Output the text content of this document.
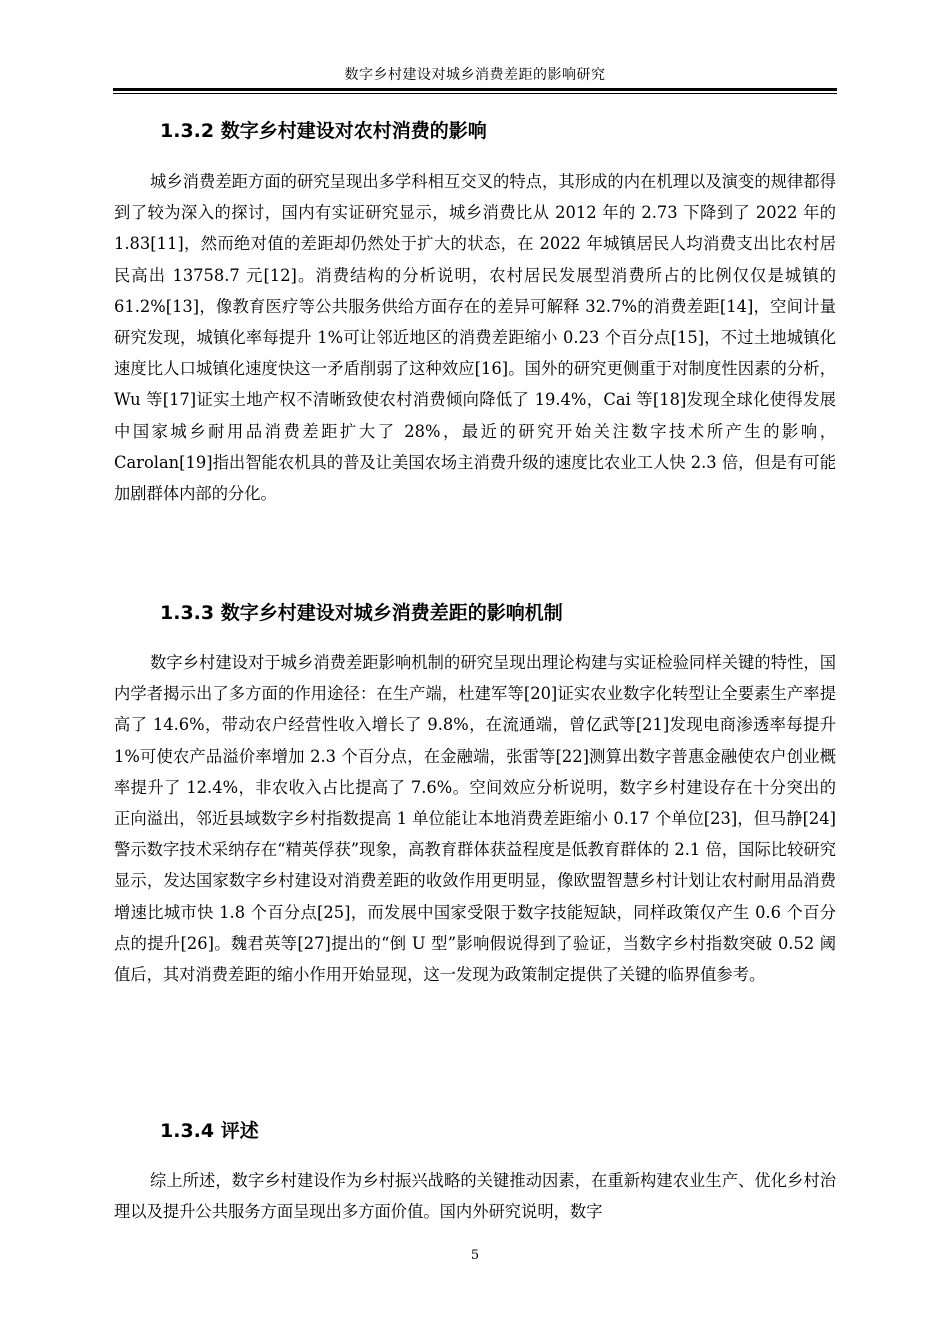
数字乡村建设对城乡消费差距的影响研究
1.3.2 数字乡村建设对农村消费的影响

城乡消费差距方面的研究呈现出多学科相互交叉的特点，其形成的内在机理以及演变的规律都得到了较为深入的探讨，国内有实证研究显示，城乡消费比从 2012 年的 2.73 下降到了 2022 年的 1.83[11]，然而绝对值的差距却仍然处于扩大的状态，在 2022 年城镇居民人均消费支出比农村居民高出 13758.7 元[12]。消费结构的分析说明，农村居民发展型消费所占的比例仅仅是城镇的 61.2%[13]，像教育医疗等公共服务供给方面存在的差异可解释 32.7%的消费差距[14]，空间计量研究发现，城镇化率每提升 1%可让邻近地区的消费差距缩小 0.23 个百分点[15]，不过土地城镇化速度比人口城镇化速度快这一矛盾削弱了这种效应[16]。国外的研究更侧重于对制度性因素的分析，Wu 等[17]证实土地产权不清晰致使农村消费倾向降低了 19.4%，Cai 等[18]发现全球化使得发展中国家城乡耐用品消费差距扩大了 28%，最近的研究开始关注数字技术所产生的影响，Carolan[19]指出智能农机具的普及让美国农场主消费升级的速度比农业工人快 2.3 倍，但是有可能加剧群体内部的分化。

1.3.3 数字乡村建设对城乡消费差距的影响机制

数字乡村建设对于城乡消费差距影响机制的研究呈现出理论构建与实证检验同样关键的特性，国内学者揭示出了多方面的作用途径：在生产端，杜建军等[20]证实农业数字化转型让全要素生产率提高了 14.6%，带动农户经营性收入增长了 9.8%，在流通端，曾亿武等[21]发现电商渗透率每提升 1%可使农产品溢价率增加 2.3 个百分点，在金融端，张雷等[22]测算出数字普惠金融使农户创业概率提升了 12.4%，非农收入占比提高了 7.6%。空间效应分析说明，数字乡村建设存在十分突出的正向溢出，邻近县域数字乡村指数提高 1 单位能让本地消费差距缩小 0.17 个单位[23]，但马静[24]警示数字技术采纳存在“精英俘获”现象，高教育群体获益程度是低教育群体的 2.1 倍，国际比较研究显示，发达国家数字乡村建设对消费差距的收敛作用更明显，像欧盟智慧乡村计划让农村耐用品消费增速比城市快 1.8 个百分点[25]，而发展中国家受限于数字技能短缺，同样政策仅产生 0.6 个百分点的提升[26]。魏君英等[27]提出的“倒 U 型”影响假说得到了验证，当数字乡村指数突破 0.52 阈值后，其对消费差距的缩小作用开始显现，这一发现为政策制定提供了关键的临界值参考。

1.3.4 评述

综上所述，数字乡村建设作为乡村振兴战略的关键推动因素，在重新构建农业生产、优化乡村治理以及提升公共服务方面呈现出多方面价值。国内外研究说明，数字

5
